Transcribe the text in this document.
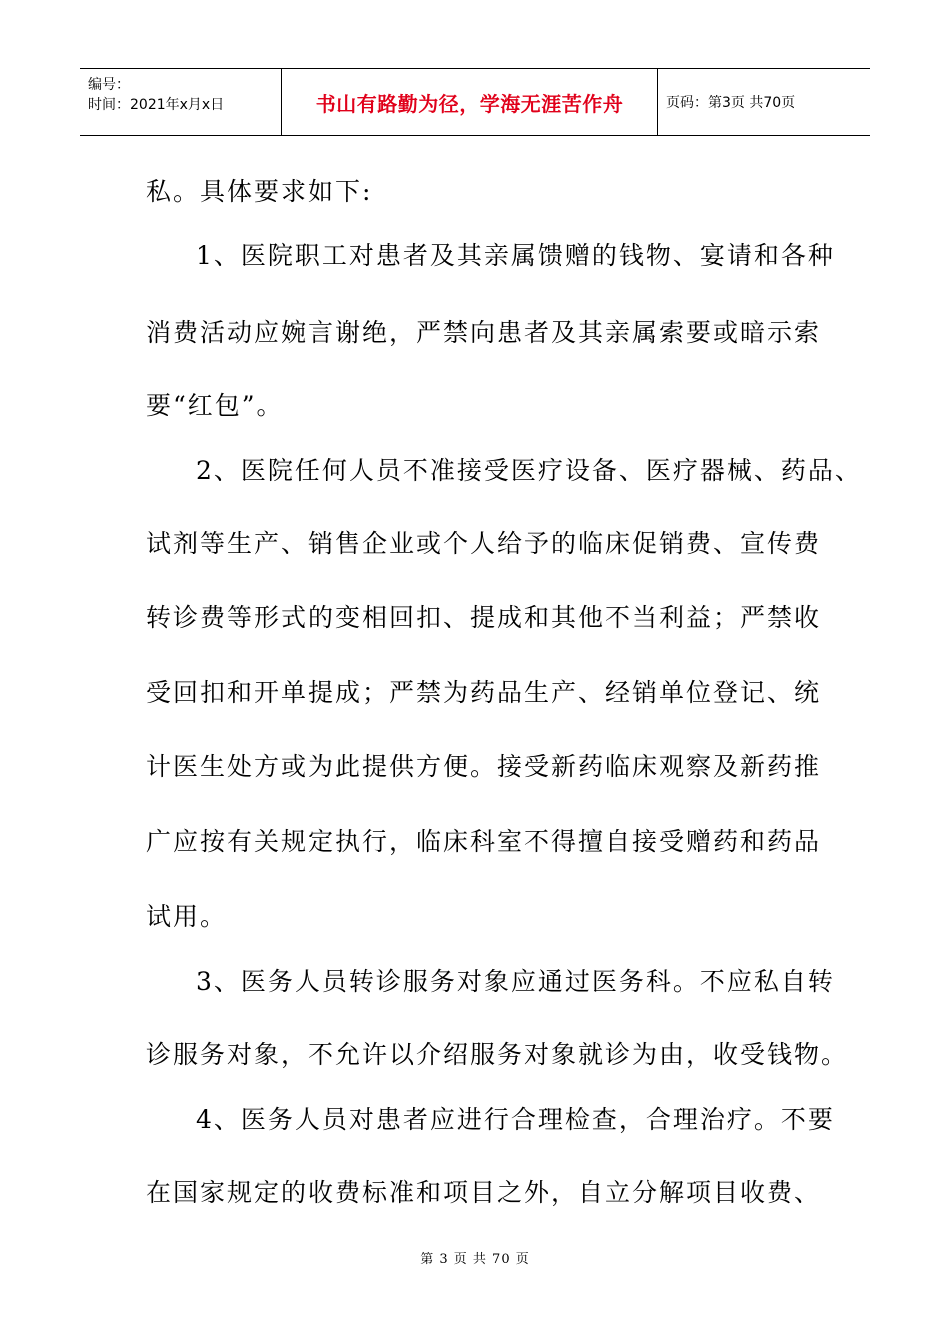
编号：
时间：2021年x月x日	书山有路勤为径，学海无涯苦作舟	页码：第3页 共70页
私。具体要求如下:
1、医院职工对患者及其亲属馈赠的钱物、宴请和各种
消费活动应婉言谢绝，严禁向患者及其亲属索要或暗示索
要“红包”。
2、医院任何人员不准接受医疗设备、医疗器械、药品、
试剂等生产、销售企业或个人给予的临床促销费、宣传费
转诊费等形式的变相回扣、提成和其他不当利益；严禁收
受回扣和开单提成；严禁为药品生产、经销单位登记、统
计医生处方或为此提供方便。接受新药临床观察及新药推
广应按有关规定执行，临床科室不得擅自接受赠药和药品
试用。
3、医务人员转诊服务对象应通过医务科。不应私自转
诊服务对象，不允许以介绍服务对象就诊为由，收受钱物。
4、医务人员对患者应进行合理检查，合理治疗。不要
在国家规定的收费标准和项目之外，自立分解项目收费、
第 3 页 共 70 页
